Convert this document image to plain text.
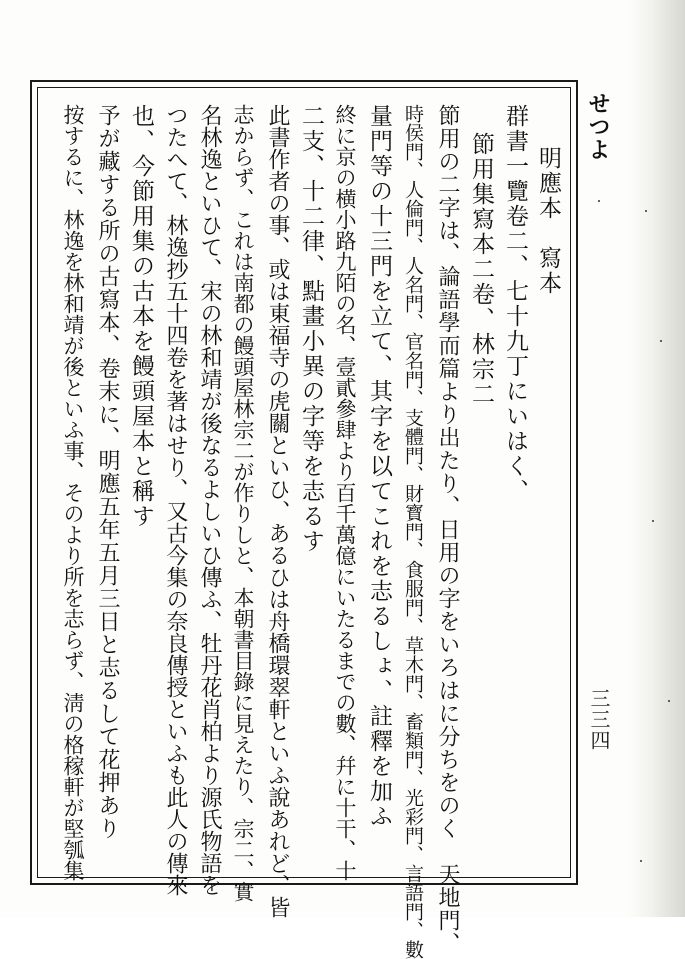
せつよ
三三四
明應本　寫本
群書一覽卷二、七十九丁にいはく、
節用集寫本二卷、林宗二
節用の二字は、論語學而篇より出たり、日用の字をいろはに分ちをのく　天地門、
時侯門、人倫門、人名門、官名門、支體門、財寳門、食服門、草木門、畜類門、光彩門、言語門、數
量門等の十三門を立て、其字を以てこれを志るしょ、註釋を加ふ
終に京の横小路九陌の名、壹貳參肆より百千萬億にいたるまでの數、幷に十干、十
二支、十二律、點畫小異の字等を志るす
此書作者の事、或は東福寺の虎關といひ、あるひは舟橋環翠軒といふ說あれど、皆
志からず、これは南都の饅頭屋林宗二が作りしと、本朝書目錄に見えたり、宗二、實
名林逸といひて、宋の林和靖が後なるよしいひ傳ふ、牡丹花肖柏より源氏物語を
つたへて、林逸抄五十四卷を著はせり、又古今集の奈良傳授といふも此人の傳來
也、今節用集の古本を饅頭屋本と稱す
予が藏する所の古寫本、卷末に、明應五年五月三日と志るして花押あり
按するに、林逸を林和靖が後といふ事、そのより所を志らず、淸の格稼軒が堅瓠集
